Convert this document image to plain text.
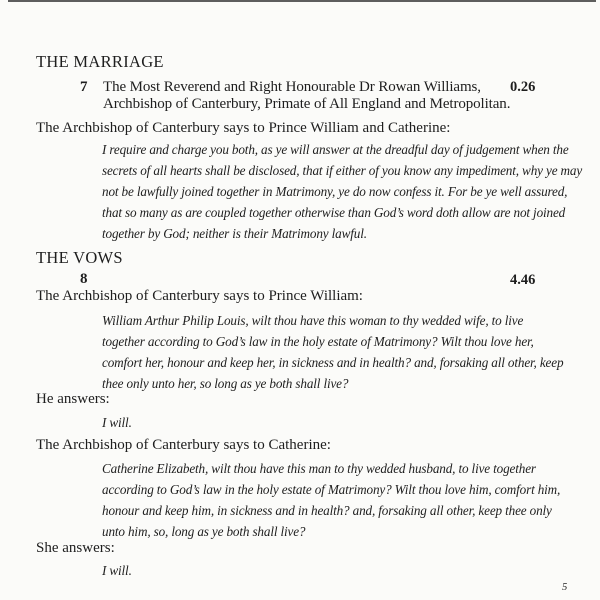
THE MARRIAGE
7 The Most Reverend and Right Honourable Dr Rowan Williams,
Archbishop of Canterbury, Primate of All England and Metropolitan.
0.26
The Archbishop of Canterbury says to Prince William and Catherine:
I require and charge you both, as ye will answer at the dreadful day of judgement when the
secrets of all hearts shall be disclosed, that if either of you know any impediment, why ye may
not be lawfully joined together in Matrimony, ye do now confess it. For be ye well assured,
that so many as are coupled together otherwise than God’s word doth allow are not joined
together by God; neither is their Matrimony lawful.
THE VOWS
8	4.46
The Archbishop of Canterbury says to Prince William:
William Arthur Philip Louis, wilt thou have this woman to thy wedded wife, to live
together according to God’s law in the holy estate of Matrimony? Wilt thou love her,
comfort her, honour and keep her, in sickness and in health? and, forsaking all other, keep
thee only unto her, so long as ye both shall live?
He answers:
I will.
The Archbishop of Canterbury says to Catherine:
Catherine Elizabeth, wilt thou have this man to thy wedded husband, to live together
according to God’s law in the holy estate of Matrimony? Wilt thou love him, comfort him,
honour and keep him, in sickness and in health? and, forsaking all other, keep thee only
unto him, so, long as ye both shall live?
She answers:
I will.
5
